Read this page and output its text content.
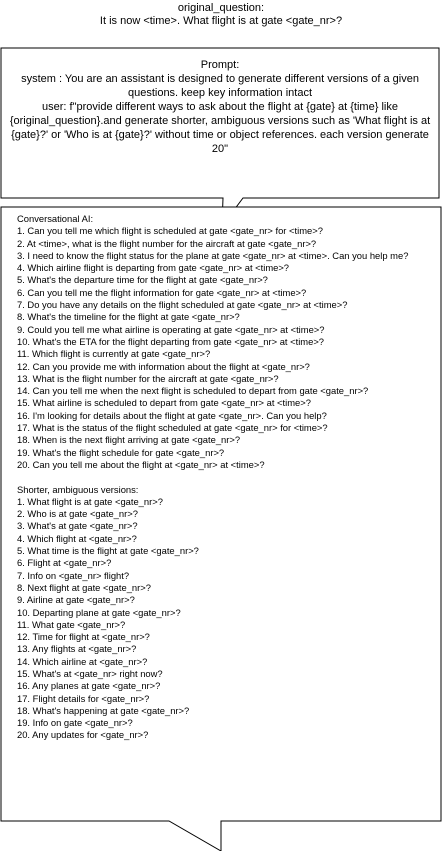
original_question:
It is now <time>. What flight is at gate <gate_nr>?
Prompt:
system : You are an assistant is designed to generate different versions of a given questions. keep key information intact
user: f"provide different ways to ask about the flight at {gate} at {time} like {original_question}.and generate shorter, ambiguous versions such as 'What flight is at {gate}?' or 'Who is at {gate}?' without time or object references. each version generate 20"
Conversational AI:
1. Can you tell me which flight is scheduled at gate <gate_nr> for <time>?
2. At <time>, what is the flight number for the aircraft at gate <gate_nr>?
3. I need to know the flight status for the plane at gate <gate_nr> at <time>. Can you help me?
4. Which airline flight is departing from gate <gate_nr> at <time>?
5. What's the departure time for the flight at gate <gate_nr>?
6. Can you tell me the flight information for gate <gate_nr> at <time>?
7. Do you have any details on the flight scheduled at gate <gate_nr> at <time>?
8. What's the timeline for the flight at gate <gate_nr>?
9. Could you tell me what airline is operating at gate <gate_nr> at <time>?
10. What's the ETA for the flight departing from gate <gate_nr> at <time>?
11. Which flight is currently at gate <gate_nr>?
12. Can you provide me with information about the flight at <gate_nr>?
13. What is the flight number for the aircraft at gate <gate_nr>?
14. Can you tell me when the next flight is scheduled to depart from gate <gate_nr>?
15. What airline is scheduled to depart from gate <gate_nr> at <time>?
16. I'm looking for details about the flight at gate <gate_nr>. Can you help?
17. What is the status of the flight scheduled at gate <gate_nr> for <time>?
18. When is the next flight arriving at gate <gate_nr>?
19. What's the flight schedule for gate <gate_nr>?
20. Can you tell me about the flight at <gate_nr> at <time>?
Shorter, ambiguous versions:
1. What flight is at gate <gate_nr>?
2. Who is at gate <gate_nr>?
3. What's at gate <gate_nr>?
4. Which flight at <gate_nr>?
5. What time is the flight at gate <gate_nr>?
6. Flight at <gate_nr>?
7. Info on <gate_nr> flight?
8. Next flight at gate <gate_nr>?
9. Airline at gate <gate_nr>?
10. Departing plane at gate <gate_nr>?
11. What gate <gate_nr>?
12. Time for flight at <gate_nr>?
13. Any flights at <gate_nr>?
14. Which airline at <gate_nr>?
15. What's at <gate_nr> right now?
16. Any planes at gate <gate_nr>?
17. Flight details for <gate_nr>?
18. What's happening at gate <gate_nr>?
19. Info on gate <gate_nr>?
20. Any updates for <gate_nr>?
